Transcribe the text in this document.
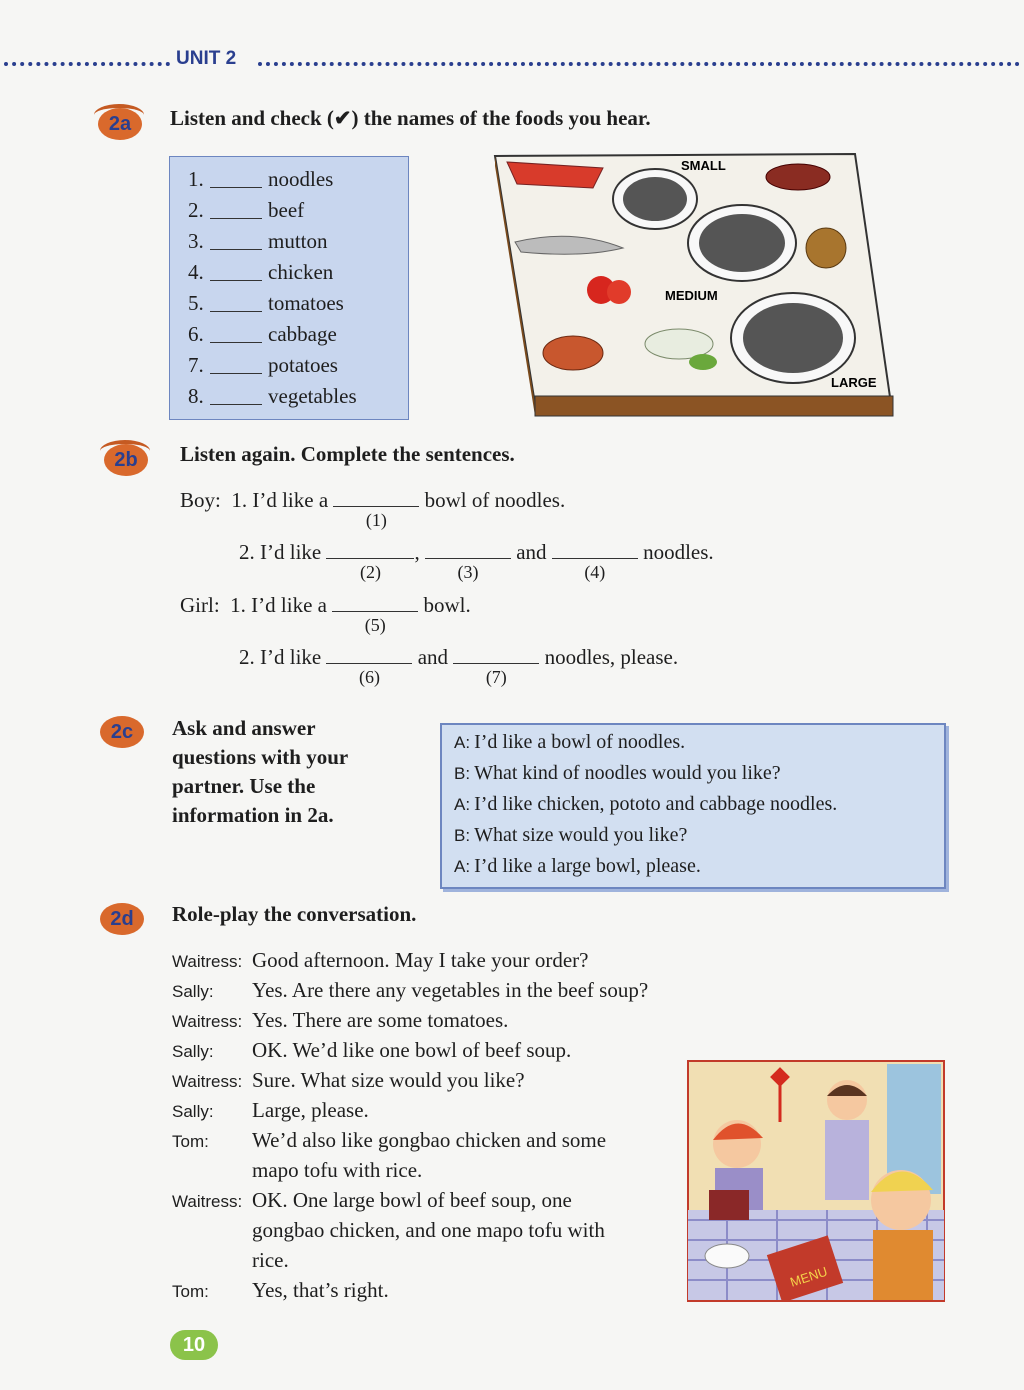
UNIT 2
2a	Listen and check (✔) the names of the foods you hear.
1.	noodles
2.	beef
3.	mutton
4.	chicken
5.	tomatoes
6.	cabbage
7.	potatoes
8.	vegetables
SMALL
MEDIUM
LARGE
2b	Listen again. Complete the sentences.
Boy: 1. I’d like a
(1)
bowl of noodles.
2. I’d like
(2)
,
(3)
and
(4)
noodles.
Girl: 1. I’d like a
(5)
bowl.
2. I’d like
(6)
and
(7)
noodles, please.
2c	Ask and answer
questions with your
partner. Use the
information in 2a.
A: I’d like a bowl of noodles.
B: What kind of noodles would you like?
A: I’d like chicken, pototo and cabbage noodles.
B: What size would you like?
A: I’d like a large bowl, please.
2d	Role-play the conversation.
Waitress: Good afternoon. May I take your order?
Sally: Yes. Are there any vegetables in the beef soup?
Waitress: Yes. There are some tomatoes.
Sally: OK. We’d like one bowl of beef soup.
Waitress: Sure. What size would you like?
Sally: Large, please.
Tom: We’d also like gongbao chicken and some
mapo tofu with rice.
Waitress: OK. One large bowl of beef soup, one
gongbao chicken, and one mapo tofu with
rice.
Tom: Yes, that’s right.
MENU
10
